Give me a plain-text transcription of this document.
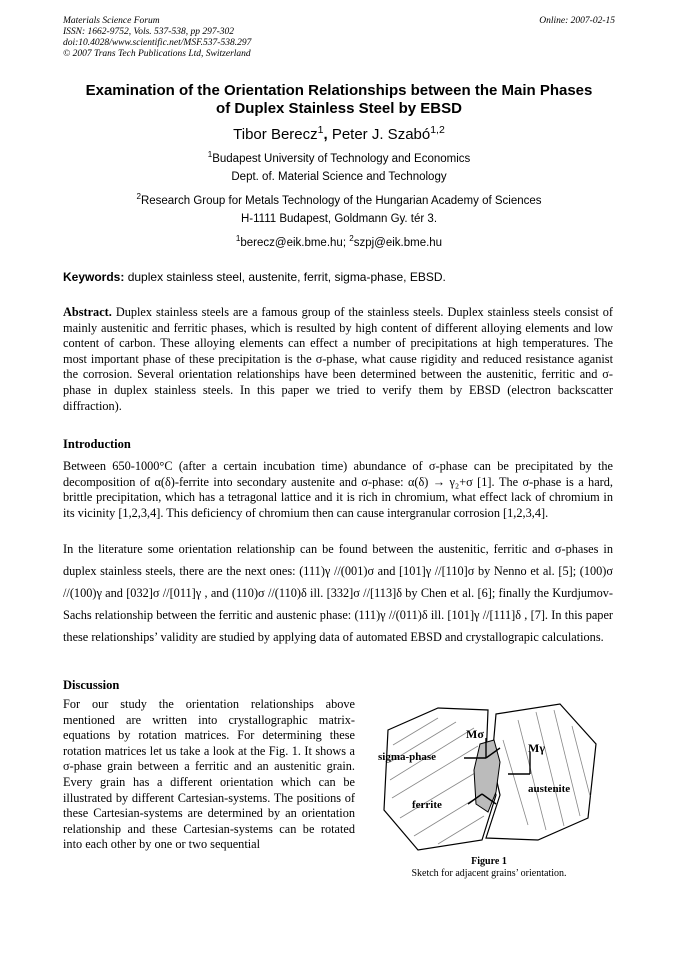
Materials Science Forum
ISSN: 1662-9752, Vols. 537-538, pp 297-302
doi:10.4028/www.scientific.net/MSF.537-538.297
© 2007 Trans Tech Publications Ltd, Switzerland
Online: 2007-02-15
Examination of the Orientation Relationships between the Main Phases
of Duplex Stainless Steel by EBSD
Tibor Berecz$^1$, Peter J. Szabó$^{1,2}$
$^1$Budapest University of Technology and Economics
Dept. of. Material Science and Technology
$^2$Research Group for Metals Technology of the Hungarian Academy of Sciences
H-1111 Budapest, Goldmann Gy. tér 3.
$^1$berecz@eik.bme.hu; $^2$szpj@eik.bme.hu
Keywords: duplex stainless steel, austenite, ferrit, sigma-phase, EBSD.
Abstract. Duplex stainless steels are a famous group of the stainless steels. Duplex stainless steels consist of mainly austenitic and ferritic phases, which is resulted by high content of different alloying elements and low content of carbon. These alloying elements can effect a number of precipitations at high temperatures. The most important phase of these precipitation is the σ-phase, what cause rigidity and reduced resistance aganist the corrosion. Several orientation relationships have been determined between the austenitic, ferritic and σ-phase in duplex stainless steels. In this paper we tried to verify them by EBSD (electron backscatter diffraction).
Introduction
Between 650-1000°C (after a certain incubation time) abundance of σ-phase can be precipitated by the decomposition of α(δ)-ferrite into secondary austenite and σ-phase: α(δ) → γ₂+σ [1]. The σ-phase is a hard, brittle precipitation, which has a tetragonal lattice and it is rich in chromium, what effect lack of chromium in its vicinity [1,2,3,4]. This deficiency of chromium then can cause intergranular corrosion [1,2,3,4].
In the literature some orientation relationship can be found between the austenitic, ferritic and σ-phases in duplex stainless steels, there are the next ones: (111)γ //(001)σ and [101]γ //[110]σ by Nenno et al. [5]; (100)σ //(100)γ and [032]σ //[011]γ , and (110)σ //(110)δ ill. [332]σ //[113]δ by Chen et al. [6]; finally the Kurdjumov-Sachs relationship between the ferritic and austenic phase: (111)γ //(011)δ ill. [101]γ //[111]δ , [7]. In this paper these relationships’ validity are studied by applying data of automated EBSD and crystallograpic calculations.
Discussion
For our study the orientation relationships above mentioned are written into crystallographic matrix-equations by rotation matrices. For determining these rotation matrices let us take a look at the Fig. 1. It shows a σ-phase grain between a ferritic and an austenitic grain. Every grain has a different orientation which can be illustrated by different Cartesian-systems. The positions of these Cartesian-systems are determined by an orientation relationship and these Cartesian-systems can be rotated into each other by one or two sequential
sigma-phase
ferrite
austenite
Mσ
Mγ
Figure 1
Sketch for adjacent grains’ orientation.
